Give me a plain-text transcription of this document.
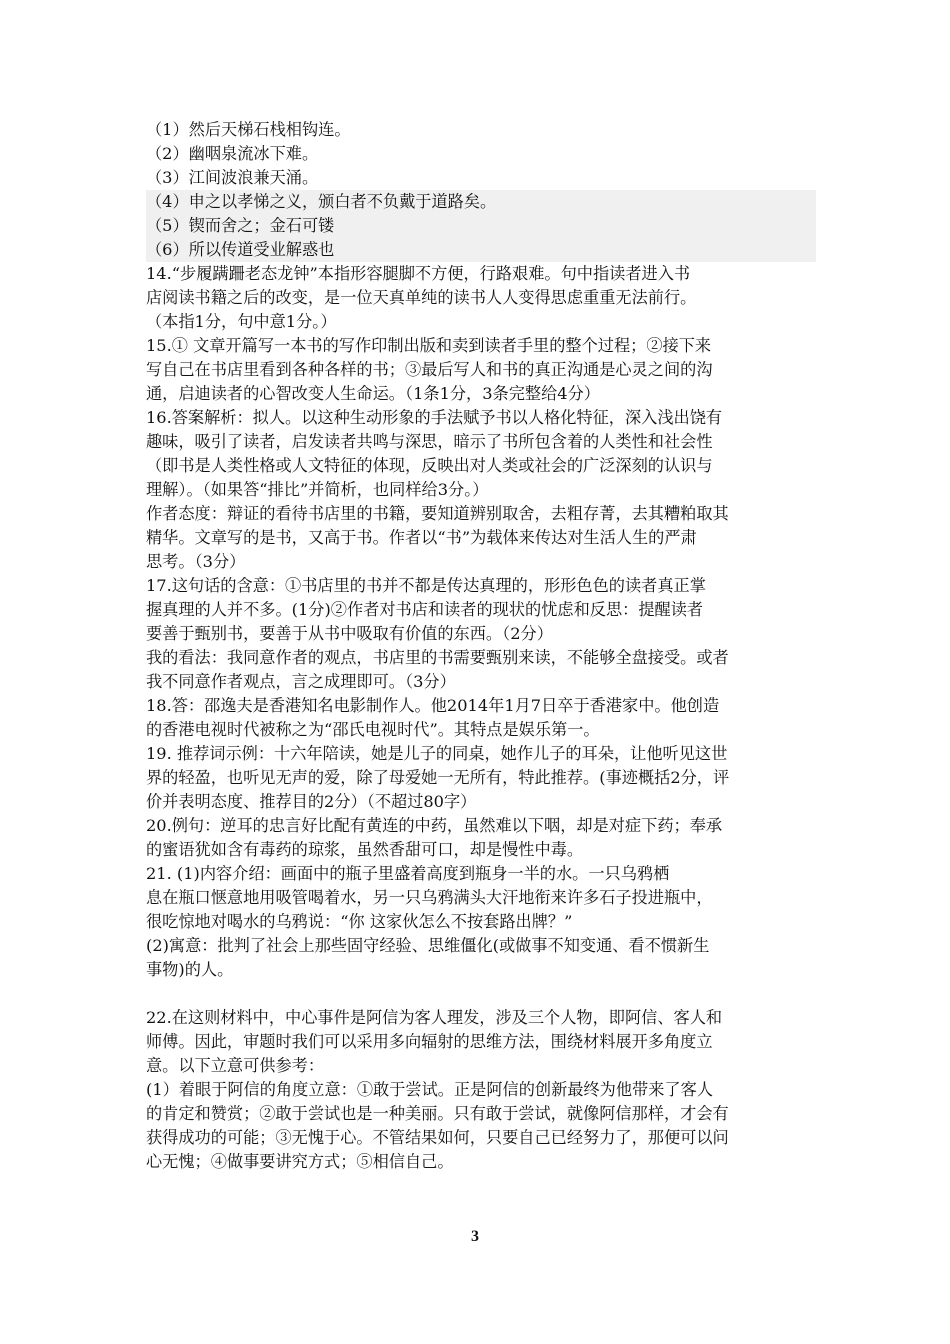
（1）然后天梯石栈相钩连。
（2）幽咽泉流冰下难。
（3）江间波浪兼天涌。
（4）申之以孝悌之义，颁白者不负戴于道路矣。
（5）锲而舍之；金石可镂
（6）所以传道受业解惑也
14.“步履蹒跚老态龙钟”本指形容腿脚不方便，行路艰难。句中指读者进入书
店阅读书籍之后的改变，是一位天真单纯的读书人人变得思虑重重无法前行。
（本指1分，句中意1分。）
15.① 文章开篇写一本书的写作印制出版和卖到读者手里的整个过程；②接下来
写自己在书店里看到各种各样的书；③最后写人和书的真正沟通是心灵之间的沟
通，启迪读者的心智改变人生命运。（1条1分，3条完整给4分）
16.答案解析：拟人。以这种生动形象的手法赋予书以人格化特征，深入浅出饶有
趣味，吸引了读者，启发读者共鸣与深思，暗示了书所包含着的人类性和社会性
（即书是人类性格或人文特征的体现，反映出对人类或社会的广泛深刻的认识与
理解）。（如果答“排比”并简析，也同样给3分。）
作者态度：辩证的看待书店里的书籍，要知道辨别取舍，去粗存菁，去其糟粕取其
精华。文章写的是书，又高于书。作者以“书”为载体来传达对生活人生的严肃
思考。（3分）
17.这句话的含意：①书店里的书并不都是传达真理的，形形色色的读者真正掌
握真理的人并不多。(1分)②作者对书店和读者的现状的忧虑和反思：提醒读者
要善于甄别书，要善于从书中吸取有价值的东西。（2分）
我的看法：我同意作者的观点，书店里的书需要甄别来读，不能够全盘接受。或者
我不同意作者观点，言之成理即可。（3分）
18.答：邵逸夫是香港知名电影制作人。他2014年1月7日卒于香港家中。他创造
的香港电视时代被称之为“邵氏电视时代”。其特点是娱乐第一。
19. 推荐词示例：十六年陪读，她是儿子的同桌，她作儿子的耳朵，让他听见这世
界的轻盈，也听见无声的爱，除了母爱她一无所有，特此推荐。(事迹概括2分，评
价并表明态度、推荐目的2分）（不超过80字）
20.例句：逆耳的忠言好比配有黄连的中药，虽然难以下咽，却是对症下药；奉承
的蜜语犹如含有毒药的琼浆，虽然香甜可口，却是慢性中毒。
21. (1)内容介绍：画面中的瓶子里盛着高度到瓶身一半的水。一只乌鸦栖
息在瓶口惬意地用吸管喝着水，另一只乌鸦满头大汗地衔来许多石子投进瓶中，
很吃惊地对喝水的乌鸦说：“你 这家伙怎么不按套路出牌？”
(2)寓意：批判了社会上那些固守经验、思维僵化(或做事不知变通、看不惯新生
事物)的人。
22.在这则材料中，中心事件是阿信为客人理发，涉及三个人物，即阿信、客人和
师傅。因此，审题时我们可以采用多向辐射的思维方法，围绕材料展开多角度立
意。以下立意可供参考：
(1）着眼于阿信的角度立意：①敢于尝试。正是阿信的创新最终为他带来了客人
的肯定和赞赏；②敢于尝试也是一种美丽。只有敢于尝试，就像阿信那样，才会有
获得成功的可能；③无愧于心。不管结果如何，只要自己已经努力了，那便可以问
心无愧；④做事要讲究方式；⑤相信自己。
3
